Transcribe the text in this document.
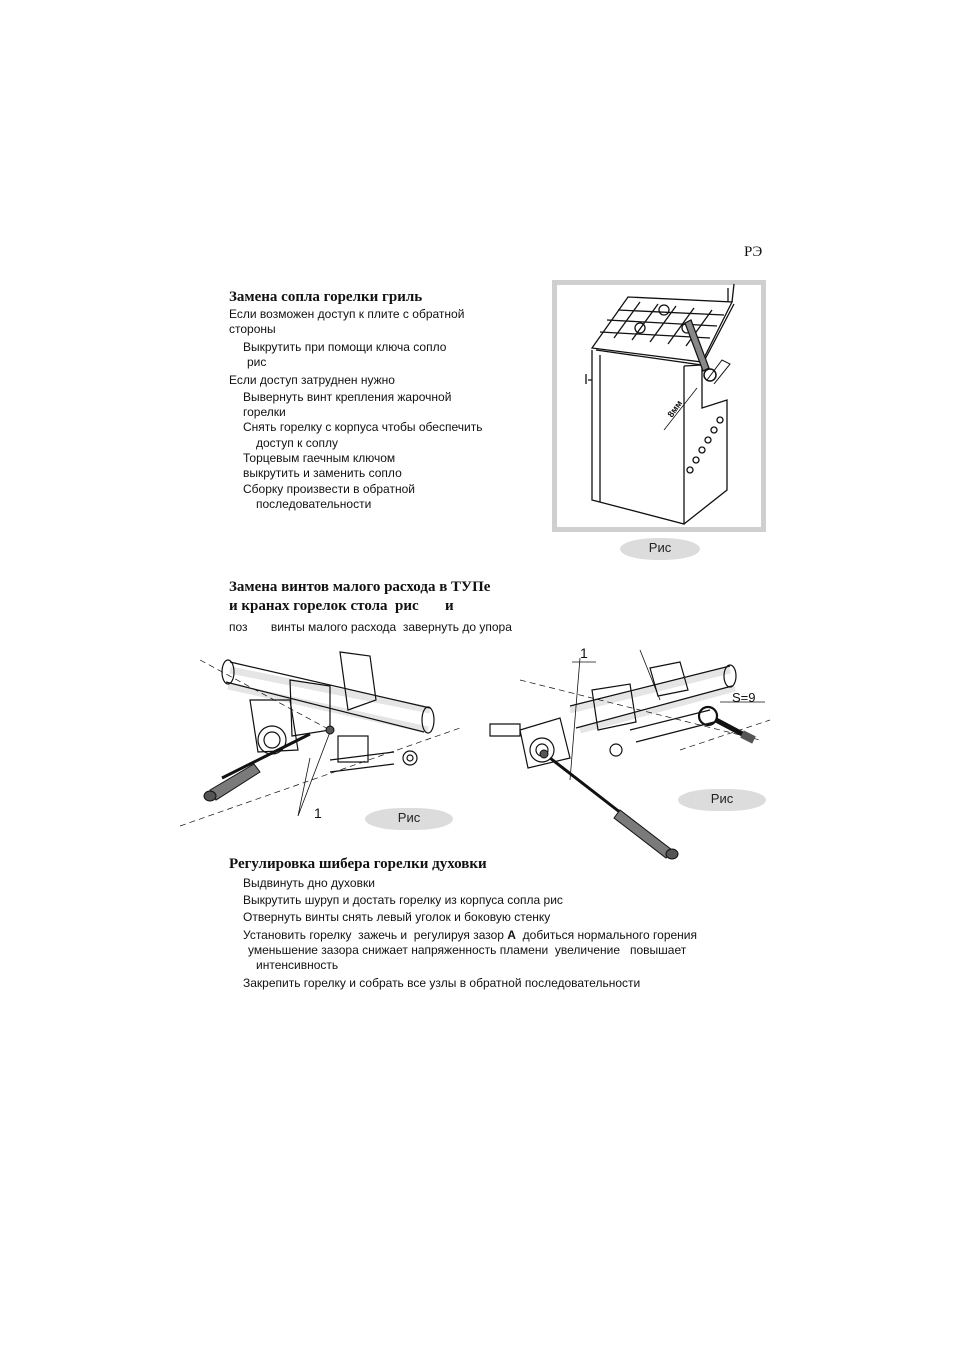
РЭ
Замена сопла горелки гриль
Если возможен доступ к плите с обратной
стороны
Выкрутить при помощи ключа сопло
рис
Если доступ затруднен нужно
Вывернуть винт крепления жарочной
горелки
Снять горелку с корпуса чтобы обеспечить
доступ к соплу
Торцевым гаечным ключом
выкрутить и заменить сопло
Сборку произвести в обратной
последовательности
8мм
Рис
Замена винтов малого расхода в ТУПе
и кранах горелок стола  рис       и
поз       винты малого расхода  завернуть до упора
1	Рис
1
S=9
Рис
Регулировка шибера горелки духовки
Выдвинуть дно духовки
Выкрутить шуруп и достать горелку из корпуса сопла рис
Отвернуть винты снять левый уголок и боковую стенку
Установить горелку  зажечь и  регулируя зазор А  добиться нормального горения
уменьшение зазора снижает напряженность пламени  увеличение   повышает
интенсивность
Закрепить горелку и собрать все узлы в обратной последовательности
